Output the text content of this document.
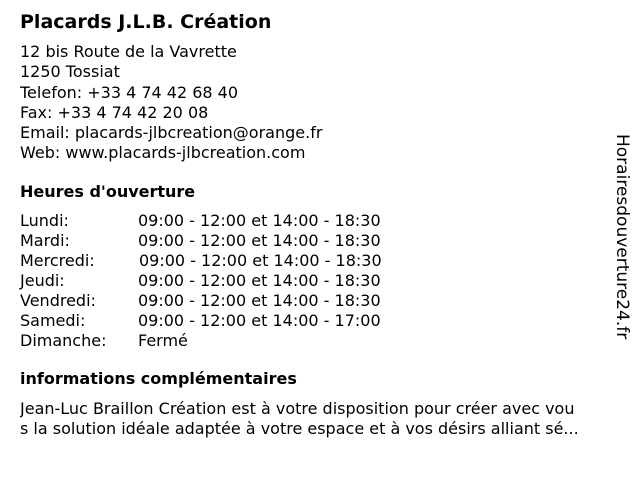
Placards J.L.B. Création
12 bis Route de la Vavrette
1250 Tossiat
Telefon: +33 4 74 42 68 40
Fax: +33 4 74 42 20 08
Email: placards-jlbcreation@orange.fr
Web: www.placards-jlbcreation.com
Heures d'ouverture
Lundi:	09:00 - 12:00 et 14:00 - 18:30
Mardi:	09:00 - 12:00 et 14:00 - 18:30
Mercredi:	09:00 - 12:00 et 14:00 - 18:30
Jeudi:	09:00 - 12:00 et 14:00 - 18:30
Vendredi:	09:00 - 12:00 et 14:00 - 18:30
Samedi:	09:00 - 12:00 et 14:00 - 17:00
Dimanche:	Fermé
informations complémentaires
Jean-Luc Braillon Création est à votre disposition pour créer avec vou
s la solution idéale adaptée à votre espace et à vos désirs alliant sé...
Horairesdouverture24.fr
